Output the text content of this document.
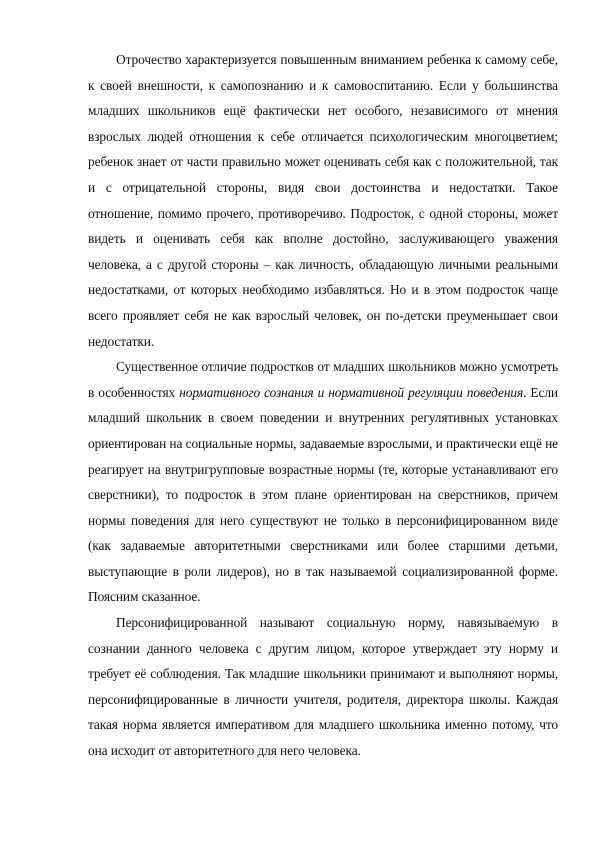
Отрочество характеризуется повышенным вниманием ребенка к самому себе, к своей внешности, к самопознанию и к самовоспитанию. Если у большинства младших школьников ещё фактически нет особого, независимого от мнения взрослых людей отношения к себе отличается психологическим многоцветием; ребенок знает от части правильно может оценивать себя как с положительной, так и с отрицательной стороны, видя свои достоинства и недостатки. Такое отношение, помимо прочего, противоречиво. Подросток, с одной стороны, может видеть и оценивать себя как вполне достойно, заслуживающего уважения человека, а с другой стороны – как личность, обладающую личными реальными недостатками, от которых необходимо избавляться. Но и в этом подросток чаще всего проявляет себя не как взрослый человек, он по-детски преуменьшает свои недостатки.

Существенное отличие подростков от младших школьников можно усмотреть в особенностях нормативного сознания и нормативной регуляции поведения. Если младший школьник в своем поведении и внутренних регулятивных установках ориентирован на социальные нормы, задаваемые взрослыми, и практически ещё не реагирует на внутригрупповые возрастные нормы (те, которые устанавливают его сверстники), то подросток в этом плане ориентирован на сверстников, причем нормы поведения для него существуют не только в персонифицированном виде (как задаваемые авторитетными сверстниками или более старшими детьми, выступающие в роли лидеров), но в так называемой социализированной форме. Поясним сказанное.

Персонифицированной называют социальную норму, навязываемую в сознании данного человека с другим лицом, которое утверждает эту норму и требует её соблюдения. Так младшие школьники принимают и выполняют нормы, персонифицированные в личности учителя, родителя, директора школы. Каждая такая норма является императивом для младшего школьника именно потому, что она исходит от авторитетного для него человека.
